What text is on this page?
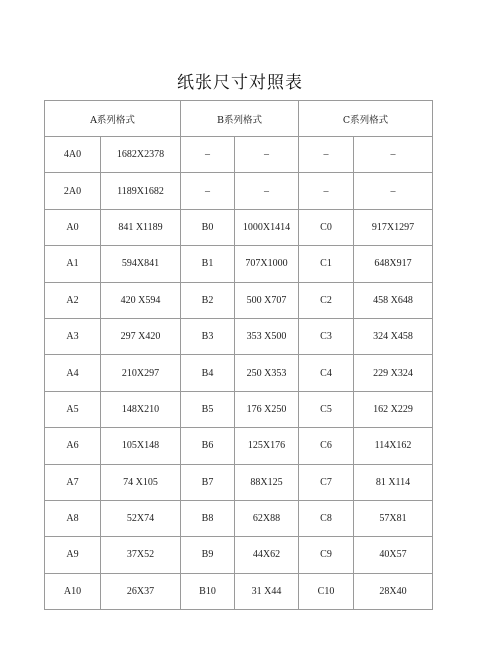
纸张尺寸对照表
A系列格式		B系列格式		C系列格式	
4A0	1682X2378	–	–	–	–
2A0	1189X1682	–	–	–	–
A0	841 X1189	B0	1000X1414	C0	917X1297
A1	594X841	B1	707X1000	C1	648X917
A2	420 X594	B2	500 X707	C2	458 X648
A3	297 X420	B3	353 X500	C3	324 X458
A4	210X297	B4	250 X353	C4	229 X324
A5	148X210	B5	176 X250	C5	162 X229
A6	105X148	B6	125X176	C6	114X162
A7	74 X105	B7	88X125	C7	81 X114
A8	52X74	B8	62X88	C8	57X81
A9	37X52	B9	44X62	C9	40X57
A10	26X37	B10	31 X44	C10	28X40
